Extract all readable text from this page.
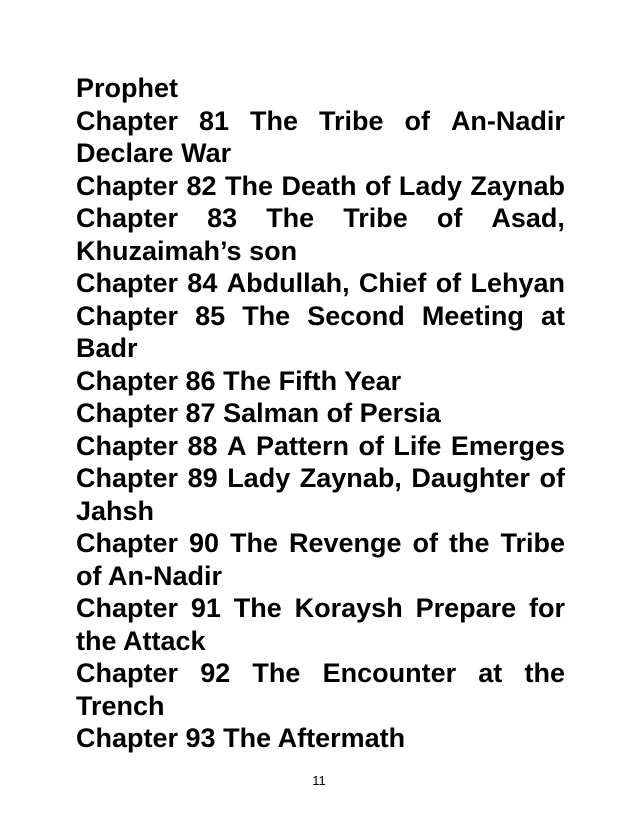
Prophet
Chapter 81 The Tribe of An-Nadir
Declare War
Chapter 82 The Death of Lady Zaynab
Chapter 83 The Tribe of Asad,
Khuzaimah’s son
Chapter 84 Abdullah, Chief of Lehyan
Chapter 85 The Second Meeting at
Badr
Chapter 86 The Fifth Year
Chapter 87 Salman of Persia
Chapter 88 A Pattern of Life Emerges
Chapter 89 Lady Zaynab, Daughter of
Jahsh
Chapter 90 The Revenge of the Tribe
of An-Nadir
Chapter 91 The Koraysh Prepare for
the Attack
Chapter 92 The Encounter at the
Trench
Chapter 93 The Aftermath
11
